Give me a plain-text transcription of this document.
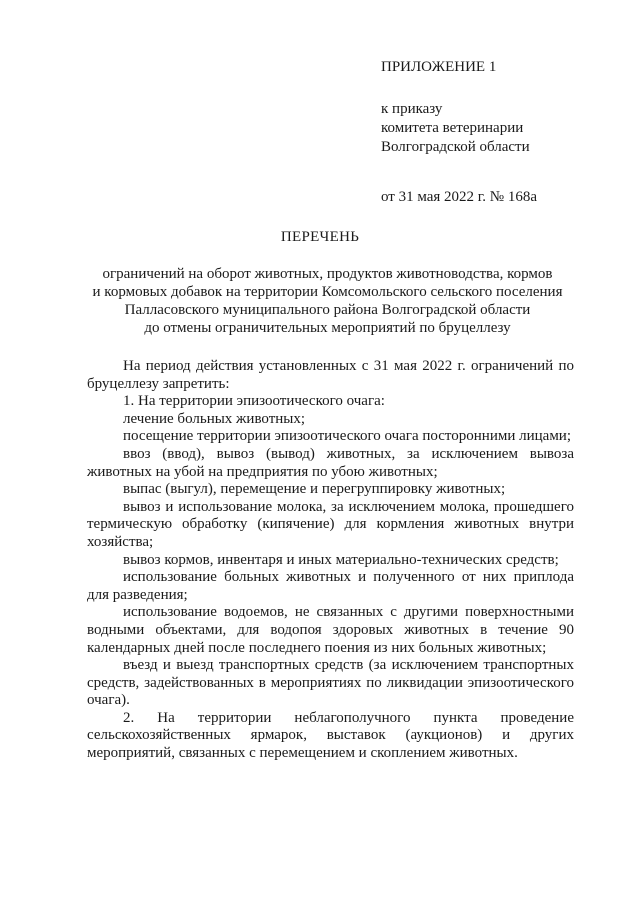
ПРИЛОЖЕНИЕ 1

к приказу

комитета ветеринарии

Волгоградской области

от 31 мая 2022 г. № 168а

ПЕРЕЧЕНЬ
ограничений на оборот животных, продуктов животноводства, кормов
и кормовых добавок на территории Комсомольского сельского поселения
Палласовского муниципального района Волгоградской области
до отмены ограничительных мероприятий по бруцеллезу

На период действия установленных с 31 мая 2022 г. ограничений по бруцеллезу запретить:

1. На территории эпизоотического очага:

лечение больных животных;

посещение территории эпизоотического очага посторонними лицами;

ввоз (ввод), вывоз (вывод) животных, за исключением вывоза животных на убой на предприятия по убою животных;

выпас (выгул), перемещение и перегруппировку животных;

вывоз и использование молока, за исключением молока, прошедшего термическую обработку (кипячение) для кормления животных внутри хозяйства;

вывоз кормов, инвентаря и иных материально-технических средств;

использование больных животных и полученного от них приплода для разведения;

использование водоемов, не связанных с другими поверхностными водными объектами, для водопоя здоровых животных в течение 90 календарных дней после последнего поения из них больных животных;

въезд и выезд транспортных средств (за исключением транспортных средств, задействованных в мероприятиях по ликвидации эпизоотического очага).

2. На территории неблагополучного пункта проведение сельскохозяйственных ярмарок, выставок (аукционов) и других мероприятий, связанных с перемещением и скоплением животных.
